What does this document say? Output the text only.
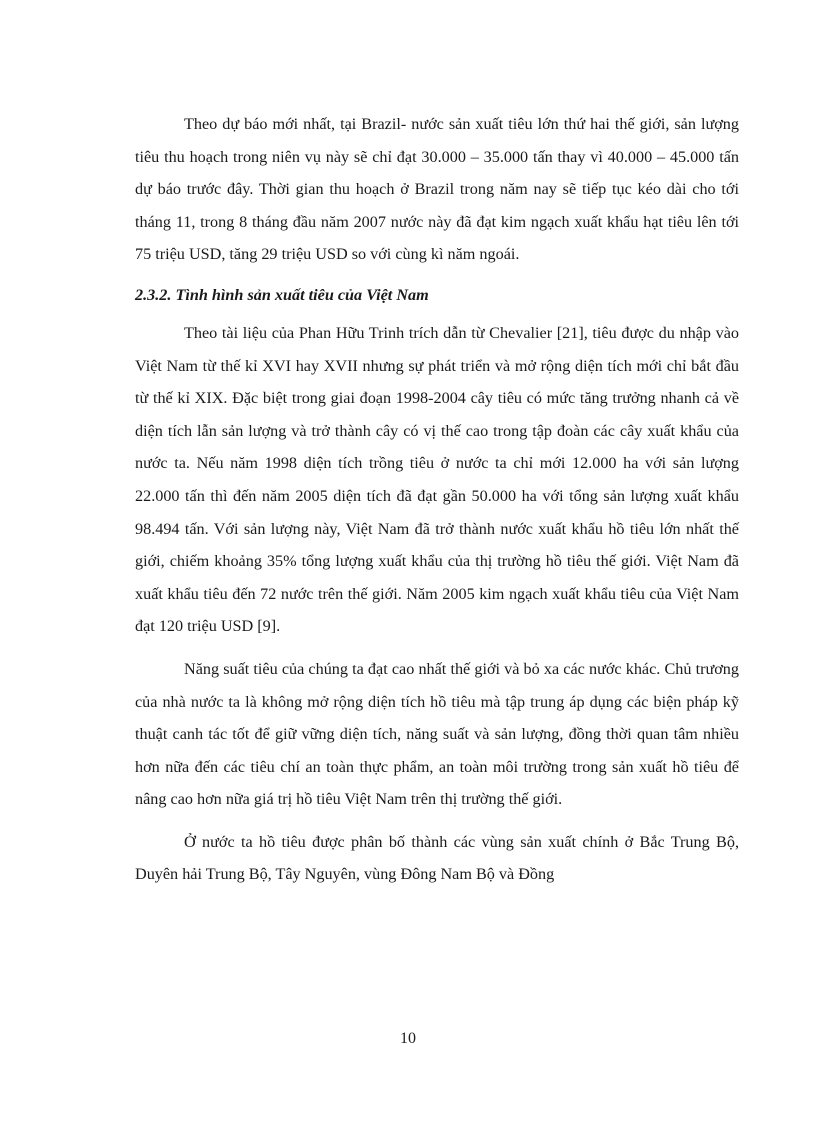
Theo dự báo mới nhất, tại Brazil- nước sản xuất tiêu lớn thứ hai thế giới, sản lượng tiêu thu hoạch trong niên vụ này sẽ chỉ đạt 30.000 – 35.000 tấn thay vì 40.000 – 45.000 tấn dự báo trước đây. Thời gian thu hoạch ở Brazil trong năm nay sẽ tiếp tục kéo dài cho tới tháng 11, trong 8 tháng đầu năm 2007 nước này đã đạt kim ngạch xuất khẩu hạt tiêu lên tới 75 triệu USD, tăng 29 triệu USD so với cùng kì năm ngoái.

2.3.2. Tình hình sản xuất tiêu của Việt Nam

Theo tài liệu của Phan Hữu Trinh trích dẫn từ Chevalier [21], tiêu được du nhập vào Việt Nam từ thế kỉ XVI hay XVII nhưng sự phát triển và mở rộng diện tích mới chỉ bắt đầu từ thế kỉ XIX. Đặc biệt trong giai đoạn 1998-2004 cây tiêu có mức tăng trưởng nhanh cả về diện tích lẫn sản lượng và trở thành cây có vị thế cao trong tập đoàn các cây xuất khẩu của nước ta. Nếu năm 1998 diện tích trồng tiêu ở nước ta chỉ mới 12.000 ha với sản lượng 22.000 tấn thì đến năm 2005 diện tích đã đạt gần 50.000 ha với tổng sản lượng xuất khẩu 98.494 tấn. Với sản lượng này, Việt Nam đã trở thành nước xuất khẩu hồ tiêu lớn nhất thế giới, chiếm khoảng 35% tổng lượng xuất khẩu của thị trường hồ tiêu thế giới. Việt Nam đã xuất khẩu tiêu đến 72 nước trên thế giới. Năm 2005 kim ngạch xuất khẩu tiêu của Việt Nam đạt 120 triệu USD [9].

Năng suất tiêu của chúng ta đạt cao nhất thế giới và bỏ xa các nước khác. Chủ trương của nhà nước ta là không mở rộng diện tích hồ tiêu mà tập trung áp dụng các biện pháp kỹ thuật canh tác tốt để giữ vững diện tích, năng suất và sản lượng, đồng thời quan tâm nhiều hơn nữa đến các tiêu chí an toàn thực phẩm, an toàn môi trường trong sản xuất hồ tiêu để nâng cao hơn nữa giá trị hồ tiêu Việt Nam trên thị trường thế giới.

Ở nước ta hồ tiêu được phân bố thành các vùng sản xuất chính ở Bắc Trung Bộ, Duyên hải Trung Bộ, Tây Nguyên, vùng Đông Nam Bộ và Đồng

10
